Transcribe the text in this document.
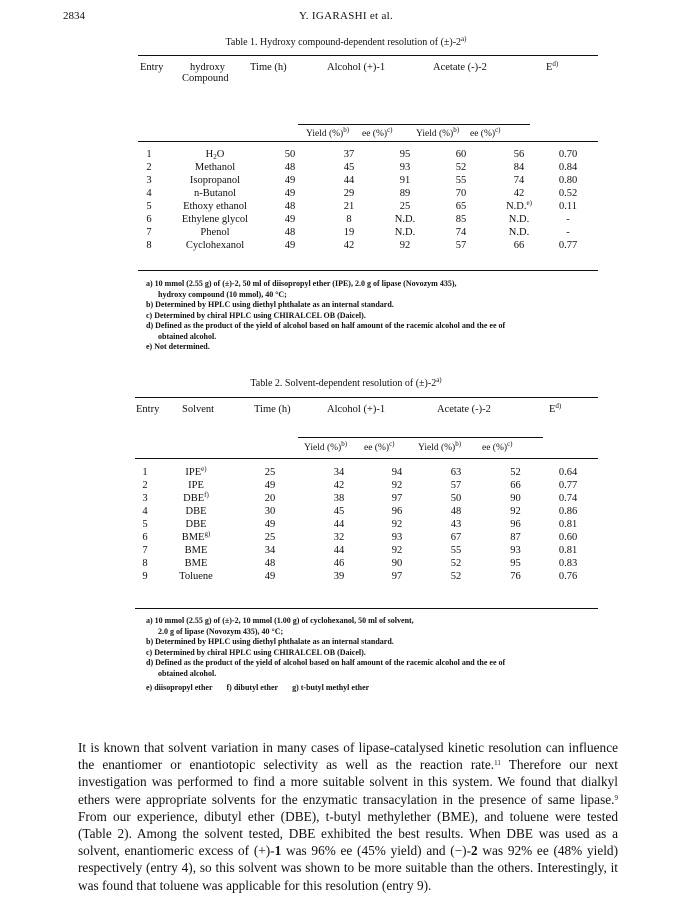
2834	Y. IGARASHI et al.
Table 1. Hydroxy compound-dependent resolution of $(\pm)-2^{a)}$
Entry	hydroxy
Compound
Time (h)	Alcohol (+)-1	Acetate (-)-2	$E^{d)}$
Yield (%)$^{b)}$ ee (%)$^{c)}$ Yield (%)$^{b)}$ ee (%)$^{c)}$
1	$H_2O$	50	37	95	60	56	0.70
2	Methanol	48	45	93	52	84	0.84
3	Isopropanol	49	44	91	55	74	0.80
4	n-Butanol	49	29	89	70	42	0.52
5	Ethoxy ethanol	48	21	25	65	N.D.$^{e)}$	0.11
6	Ethylene glycol	49	8	N.D.	85	N.D.	-
7	Phenol	48	19	N.D.	74	N.D.	-
8	Cyclohexanol	49	42	92	57	66	0.77
a) 10 mmol (2.55 g) of (±)-2, 50 ml of diisopropyl ether (IPE), 2.0 g of lipase (Novozym 435),
hydroxy compound (10 mmol), 40 °C;
b) Determined by HPLC using diethyl phthalate as an internal standard.
c) Determined by chiral HPLC using CHIRALCEL OB (Daicel).
d) Defined as the product of the yield of alcohol based on half amount of the racemic alcohol and the ee of
obtained alcohol.
e) Not determined.
Table 2. Solvent-dependent resolution of $(\pm)-2^{a)}$
Entry Solvent	Time (h)	Alcohol (+)-1	Acetate (-)-2	$E^{d)}$
Yield (%)$^{b)}$ ee (%)$^{c)}$ Yield (%)$^{b)}$ ee (%)$^{c)}$
1	IPE$^{e)}$	25	34	94	63	52	0.64
2	IPE	49	42	92	57	66	0.77
3	DBE$^{f)}$	20	38	97	50	90	0.74
4	DBE	30	45	96	48	92	0.86
5	DBE	49	44	92	43	96	0.81
6	BME$^{g)}$	25	32	93	67	87	0.60
7	BME	34	44	92	55	93	0.81
8	BME	48	46	90	52	95	0.83
9	Toluene	49	39	97	52	76	0.76
a) 10 mmol (2.55 g) of (±)-2, 10 mmol (1.00 g) of cyclohexanol, 50 ml of solvent,
2.0 g of lipase (Novozym 435), 40 °C;
b) Determined by HPLC using diethyl phthalate as an internal standard.
c) Determined by chiral HPLC using CHIRALCEL OB (Daicel).
d) Defined as the product of the yield of alcohol based on half amount of the racemic alcohol and the ee of
obtained alcohol.
e) diisopropyl ether f) dibutyl ether g) t-butyl methyl ether
It is known that solvent variation in many cases of lipase-catalysed kinetic resolution can influence the enantiomer or enantiotopic selectivity as well as the reaction rate.$^{11}$ Therefore our next investigation was performed to find a more suitable solvent in this system. We found that dialkyl ethers were appropriate solvents for the enzymatic transacylation in the presence of same lipase.$^9$ From our experience, dibutyl ether (DBE), t-butyl methylether (BME), and toluene were tested (Table 2). Among the solvent tested, DBE exhibited the best results. When DBE was used as a solvent, enantiomeric excess of (+)-1 was 96% ee (45% yield) and (−)-2 was 92% ee (48% yield) respectively (entry 4), so this solvent was shown to be more suitable than the others. Interestingly, it was found that toluene was applicable for this resolution (entry 9).
